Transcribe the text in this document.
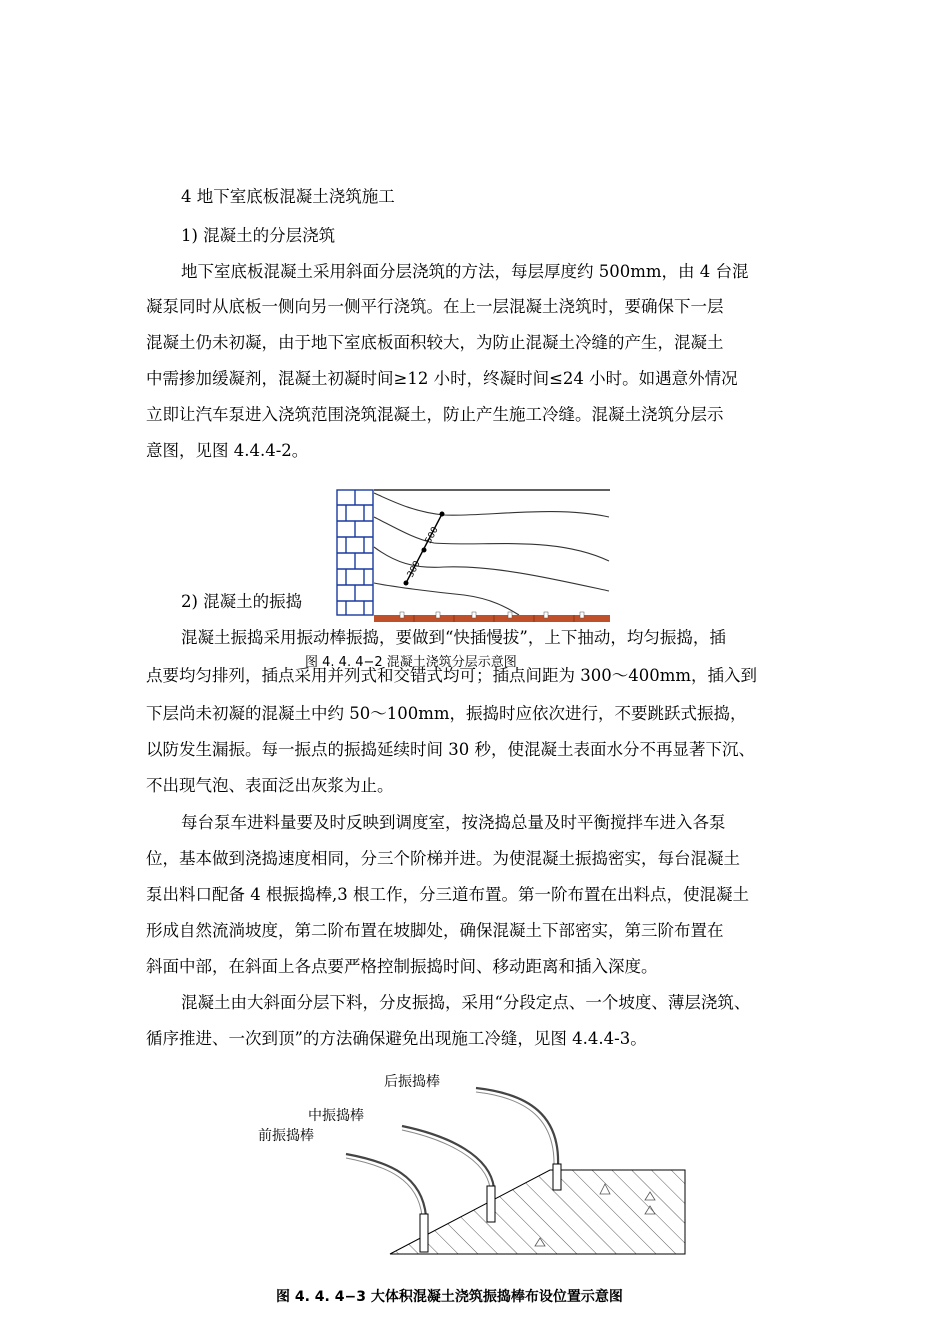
4 地下室底板混凝土浇筑施工
1) 混凝土的分层浇筑
地下室底板混凝土采用斜面分层浇筑的方法，每层厚度约 500mm，由 4 台混
凝泵同时从底板一侧向另一侧平行浇筑。在上一层混凝土浇筑时，要确保下一层
混凝土仍未初凝，由于地下室底板面积较大，为防止混凝土冷缝的产生，混凝土
中需掺加缓凝剂，混凝土初凝时间≥12 小时，终凝时间≤24 小时。如遇意外情况
立即让汽车泵进入浇筑范围浇筑混凝土，防止产生施工冷缝。混凝土浇筑分层示
意图，见图 4.4.4-2。
500
300
2) 混凝土的振捣
混凝土振捣采用振动棒振捣，要做到“快插慢拔”，上下抽动，均匀振捣，插
图 4. 4. 4−2 混凝土浇筑分层示意图
点要均匀排列，插点采用并列式和交错式均可；插点间距为 300～400mm，插入到
下层尚未初凝的混凝土中约 50～100mm，振捣时应依次进行，不要跳跃式振捣，
以防发生漏振。每一振点的振捣延续时间 30 秒，使混凝土表面水分不再显著下沉、
不出现气泡、表面泛出灰浆为止。
每台泵车进料量要及时反映到调度室，按浇捣总量及时平衡搅拌车进入各泵
位，基本做到浇捣速度相同，分三个阶梯并进。为使混凝土振捣密实，每台混凝土
泵出料口配备 4 根振捣棒,3 根工作，分三道布置。第一阶布置在出料点，使混凝土
形成自然流淌坡度，第二阶布置在坡脚处，确保混凝土下部密实，第三阶布置在
斜面中部，在斜面上各点要严格控制振捣时间、移动距离和插入深度。
混凝土由大斜面分层下料，分皮振捣，采用“分段定点、一个坡度、薄层浇筑、
循序推进、一次到顶”的方法确保避免出现施工冷缝，见图 4.4.4-3。
后振捣棒
中振捣棒
前振捣棒
图 4. 4. 4−3 大体积混凝土浇筑振捣棒布设位置示意图
